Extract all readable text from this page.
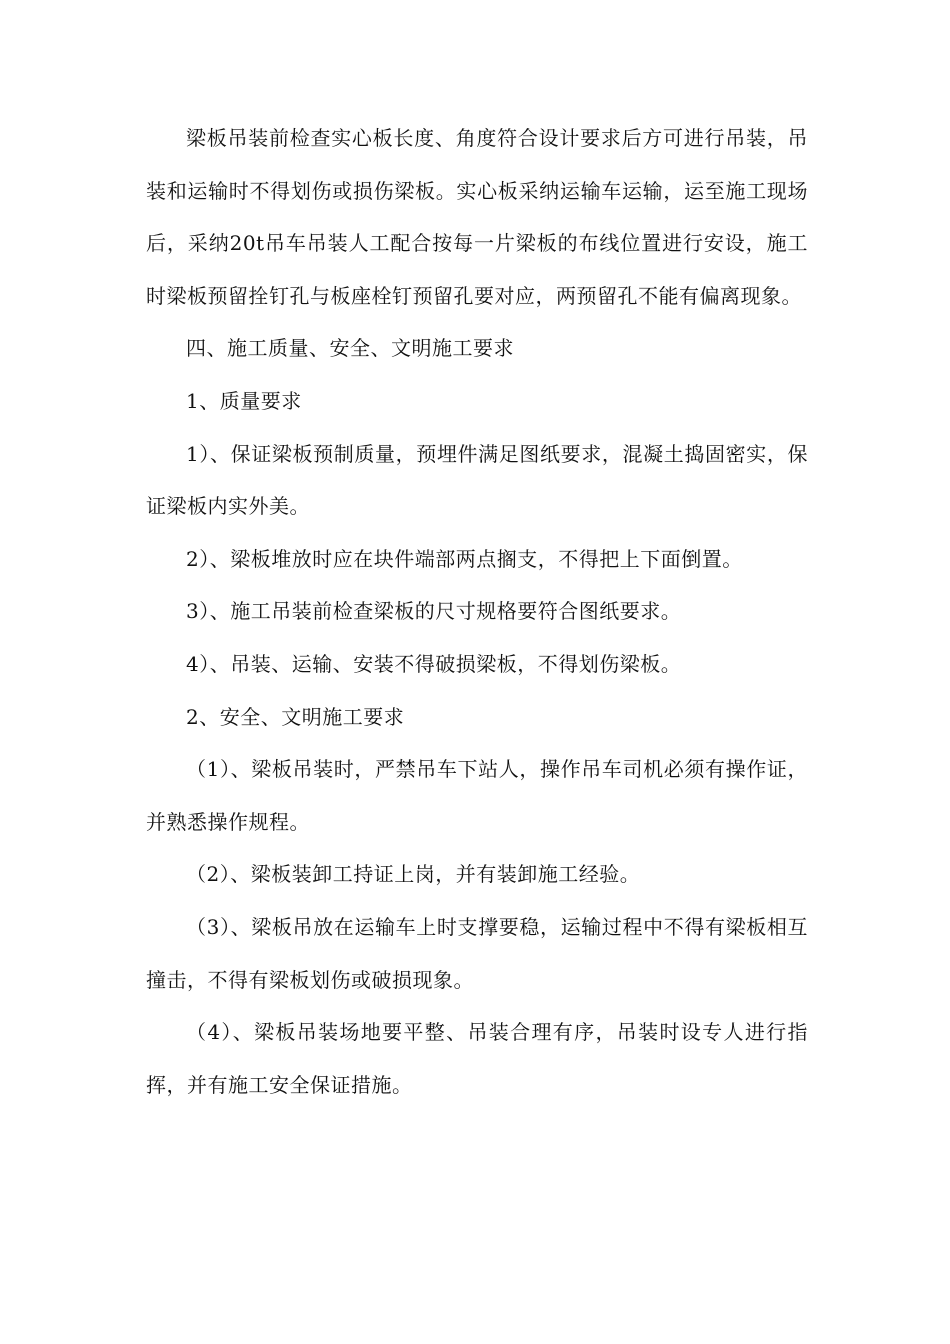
梁板吊装前检查实心板长度、角度符合设计要求后方可进行吊装，吊装和运输时不得划伤或损伤梁板。实心板采纳运输车运输，运至施工现场后，采纳20t吊车吊装人工配合按每一片梁板的布线位置进行安设，施工时梁板预留拴钉孔与板座栓钉预留孔要对应，两预留孔不能有偏离现象。

四、施工质量、安全、文明施工要求

1、质量要求

1）、保证梁板预制质量，预埋件满足图纸要求，混凝土捣固密实，保证梁板内实外美。

2）、梁板堆放时应在块件端部两点搁支，不得把上下面倒置。

3）、施工吊装前检查梁板的尺寸规格要符合图纸要求。

4）、吊装、运输、安装不得破损梁板，不得划伤梁板。

2、安全、文明施工要求

（1）、梁板吊装时，严禁吊车下站人，操作吊车司机必须有操作证，并熟悉操作规程。

（2）、梁板装卸工持证上岗，并有装卸施工经验。

（3）、梁板吊放在运输车上时支撑要稳，运输过程中不得有梁板相互撞击，不得有梁板划伤或破损现象。

（4）、梁板吊装场地要平整、吊装合理有序，吊装时设专人进行指挥，并有施工安全保证措施。
